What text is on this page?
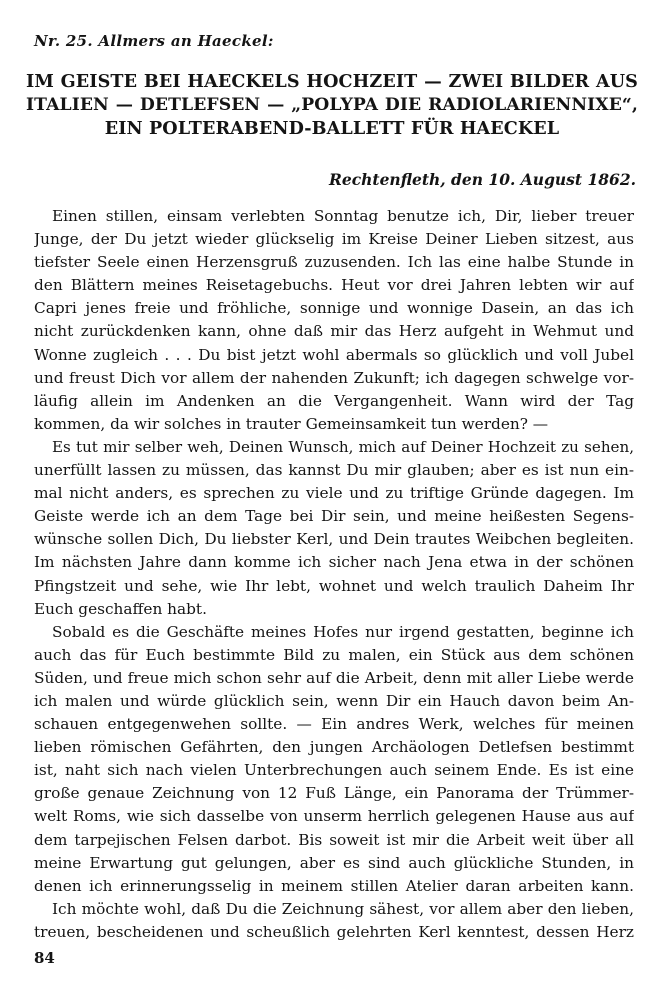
Nr. 25. Allmers an Haeckel:
IM GEISTE BEI HAECKELS HOCHZEIT — ZWEI BILDER AUS
ITALIEN — DETLEFSEN — „POLYPA DIE RADIOLARIENNIXE“,
EIN POLTERABEND-BALLETT FÜR HAECKEL
Rechtenfleth, den 10. August 1862.
Einen stillen, einsam verlebten Sonntag benutze ich, Dir, lieber treuer
Junge, der Du jetzt wieder glückselig im Kreise Deiner Lieben sitzest, aus
tiefster Seele einen Herzensgruß zuzusenden. Ich las eine halbe Stunde in
den Blättern meines Reisetagebuchs. Heut vor drei Jahren lebten wir auf
Capri jenes freie und fröhliche, sonnige und wonnige Dasein, an das ich
nicht zurückdenken kann, ohne daß mir das Herz aufgeht in Wehmut und
Wonne zugleich . . . Du bist jetzt wohl abermals so glücklich und voll Jubel
und freust Dich vor allem der nahenden Zukunft; ich dagegen schwelge vor-
läufig allein im Andenken an die Vergangenheit. Wann wird der Tag
kommen, da wir solches in trauter Gemeinsamkeit tun werden? —
Es tut mir selber weh, Deinen Wunsch, mich auf Deiner Hochzeit zu sehen,
unerfüllt lassen zu müssen, das kannst Du mir glauben; aber es ist nun ein-
mal nicht anders, es sprechen zu viele und zu triftige Gründe dagegen. Im
Geiste werde ich an dem Tage bei Dir sein, und meine heißesten Segens-
wünsche sollen Dich, Du liebster Kerl, und Dein trautes Weibchen begleiten.
Im nächsten Jahre dann komme ich sicher nach Jena etwa in der schönen
Pfingstzeit und sehe, wie Ihr lebt, wohnet und welch traulich Daheim Ihr
Euch geschaffen habt.
Sobald es die Geschäfte meines Hofes nur irgend gestatten, beginne ich
auch das für Euch bestimmte Bild zu malen, ein Stück aus dem schönen
Süden, und freue mich schon sehr auf die Arbeit, denn mit aller Liebe werde
ich malen und würde glücklich sein, wenn Dir ein Hauch davon beim An-
schauen entgegenwehen sollte. — Ein andres Werk, welches für meinen
lieben römischen Gefährten, den jungen Archäologen Detlefsen bestimmt
ist, naht sich nach vielen Unterbrechungen auch seinem Ende. Es ist eine
große genaue Zeichnung von 12 Fuß Länge, ein Panorama der Trümmer-
welt Roms, wie sich dasselbe von unserm herrlich gelegenen Hause aus auf
dem tarpejischen Felsen darbot. Bis soweit ist mir die Arbeit weit über all
meine Erwartung gut gelungen, aber es sind auch glückliche Stunden, in
denen ich erinnerungsselig in meinem stillen Atelier daran arbeiten kann.
Ich möchte wohl, daß Du die Zeichnung sähest, vor allem aber den lieben,
treuen, bescheidenen und scheußlich gelehrten Kerl kenntest, dessen Herz
84
